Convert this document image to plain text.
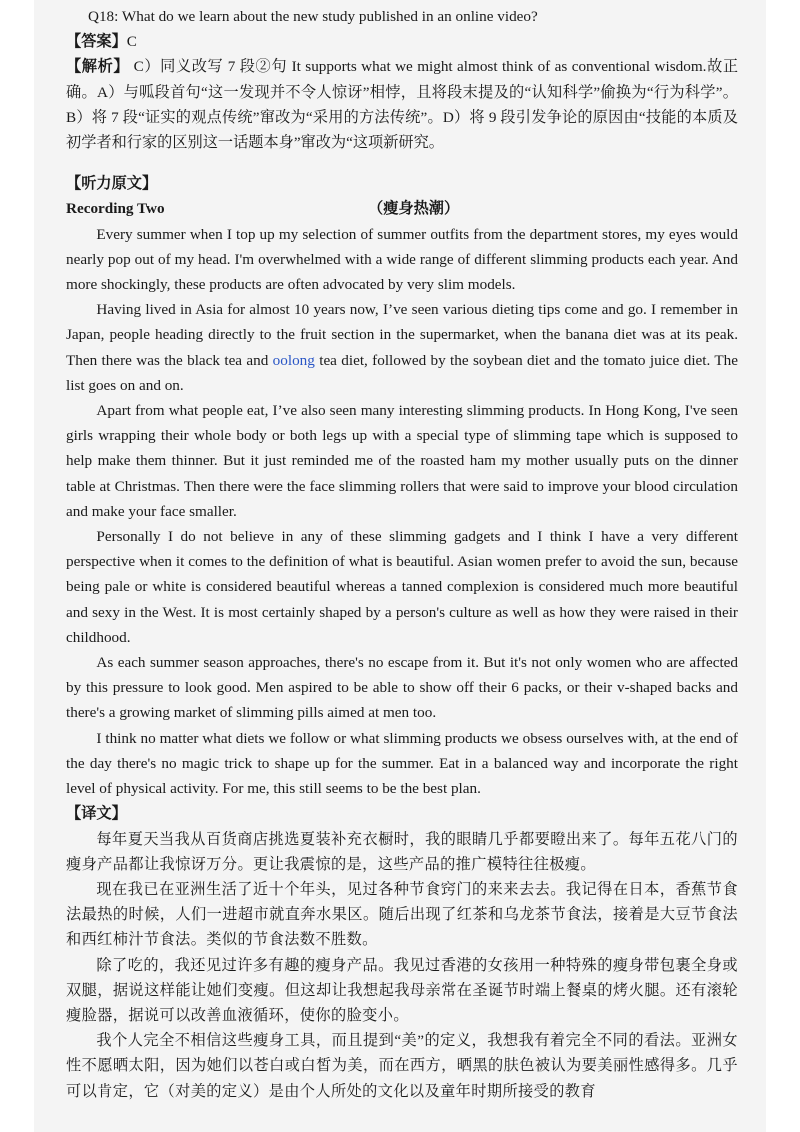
Q18: What do we learn about the new study published in an online video?
【答案】C

【解析】 C）同义改写 7 段②句 It supports what we might almost think of as conventional wisdom.故正确。A）与呱段首句“这一发现并不令人惊讶”相悖，且将段末提及的“认知科学”偷换为“行为科学”。B）将 7 段“证实的观点传统”窜改为“采用的方法传统”。D）将 9 段引发争论的原因由“技能的本质及初学者和行家的区别这一话题本身”窜改为“这项新研究。

【听力原文】
Recording Two	（瘦身热潮）

Every summer when I top up my selection of summer outfits from the department stores, my eyes would nearly pop out of my head. I'm overwhelmed with a wide range of different slimming products each year. And more shockingly, these products are often advocated by very slim models.

Having lived in Asia for almost 10 years now, I’ve seen various dieting tips come and go. I remember in Japan, people heading directly to the fruit section in the supermarket, when the banana diet was at its peak. Then there was the black tea and oolong tea diet, followed by the soybean diet and the tomato juice diet. The list goes on and on.

Apart from what people eat, I’ve also seen many interesting slimming products. In Hong Kong, I've seen girls wrapping their whole body or both legs up with a special type of slimming tape which is supposed to help make them thinner. But it just reminded me of the roasted ham my mother usually puts on the dinner table at Christmas. Then there were the face slimming rollers that were said to improve your blood circulation and make your face smaller.

Personally I do not believe in any of these slimming gadgets and I think I have a very different perspective when it comes to the definition of what is beautiful. Asian women prefer to avoid the sun, because being pale or white is considered beautiful whereas a tanned complexion is considered much more beautiful and sexy in the West. It is most certainly shaped by a person's culture as well as how they were raised in their childhood.

As each summer season approaches, there's no escape from it. But it's not only women who are affected by this pressure to look good. Men aspired to be able to show off their 6 packs, or their v-shaped backs and there's a growing market of slimming pills aimed at men too.

I think no matter what diets we follow or what slimming products we obsess ourselves with, at the end of the day there's no magic trick to shape up for the summer. Eat in a balanced way and incorporate the right level of physical activity. For me, this still seems to be the best plan.

【译文】

每年夏天当我从百货商店挑选夏装补充衣橱时，我的眼睛几乎都要瞪出来了。每年五花八门的瘦身产品都让我惊讶万分。更让我震惊的是，这些产品的推广模特往往极瘦。

现在我已在亚洲生活了近十个年头，见过各种节食窍门的来来去去。我记得在日本，香蕉节食法最热的时候，人们一进超市就直奔水果区。随后出现了红茶和乌龙茶节食法，接着是大豆节食法和西红柿汁节食法。类似的节食法数不胜数。

除了吃的，我还见过许多有趣的瘦身产品。我见过香港的女孩用一种特殊的瘦身带包裹全身或双腿，据说这样能让她们变瘦。但这却让我想起我母亲常在圣诞节时端上餐桌的烤火腿。还有滚轮瘦脸器，据说可以改善血液循环，使你的脸变小。

我个人完全不相信这些瘦身工具，而且提到“美”的定义，我想我有着完全不同的看法。亚洲女性不愿晒太阳，因为她们以苍白或白皙为美，而在西方，晒黑的肤色被认为要美丽性感得多。几乎可以肯定，它（对美的定义）是由个人所处的文化以及童年时期所接受的教育
